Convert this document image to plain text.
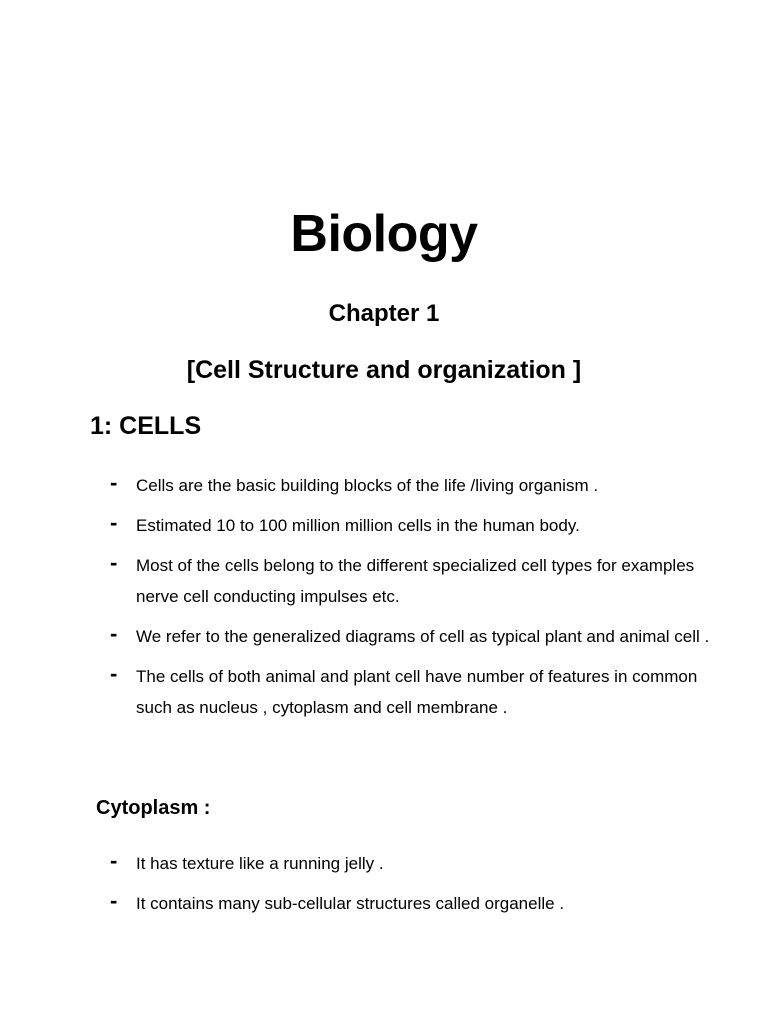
Biology
Chapter 1
[Cell Structure and organization ]
1: CELLS
- Cells are the basic building blocks of the life /living organism .
- Estimated 10 to 100 million million cells in the human body.
- Most of the cells belong to the different specialized cell types for examples nerve cell conducting impulses etc.
- We refer to the generalized diagrams of cell as typical plant and animal cell .
- The cells of both animal and plant cell have number of features in common such as nucleus , cytoplasm and cell membrane .
Cytoplasm :
- It has texture like a running jelly .
- It contains many sub-cellular structures called organelle .
